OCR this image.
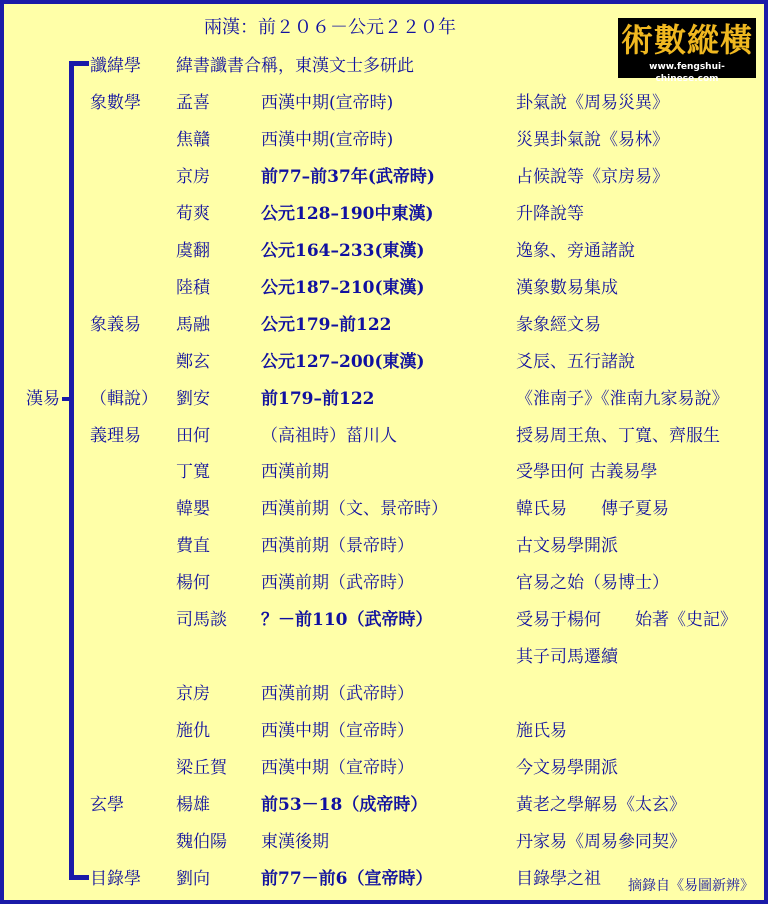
兩漢：前２０６－公元２２０年	術數縱橫
www.fengshui-chinese.com
漢易
讖緯學 緯書讖書合稱，東漢文士多研此
象數學 孟喜	西漢中期(宣帝時)	卦氣說《周易災異》
焦贛	西漢中期(宣帝時)	災異卦氣說《易林》
京房	前77–前37年(武帝時)	占候說等《京房易》
荀爽	公元128–190中東漢)	升降說等
虞翻	公元164–233(東漢)	逸象、旁通諸說
陸積	公元187–210(東漢)	漢象數易集成
象義易 馬融	公元179–前122	彖象經文易
鄭玄	公元127–200(東漢)	爻辰、五行諸說
（輯說） 劉安	前179–前122	《淮南子》《淮南九家易說》
義理易 田何	（高祖時）菑川人	授易周王魚、丁寬、齊服生
丁寬	西漢前期	受學田何 古義易學
韓嬰	西漢前期（文、景帝時）	韓氏易　　傳子夏易
費直	西漢前期（景帝時）	古文易學開派
楊何	西漢前期（武帝時）	官易之始（易博士）
司馬談 ？－前110（武帝時）	受易于楊何　　始著《史記》
其子司馬遷續
京房	西漢前期（武帝時）
施仇	西漢中期（宣帝時）	施氏易
梁丘賀 西漢中期（宣帝時）	今文易學開派
玄學	楊雄	前53－18（成帝時）	黃老之學解易《太玄》
魏伯陽 東漢後期	丹家易《周易參同契》
目錄學 劉向	前77－前6（宣帝時）	目錄學之祖 摘錄自《易圖新辨》
